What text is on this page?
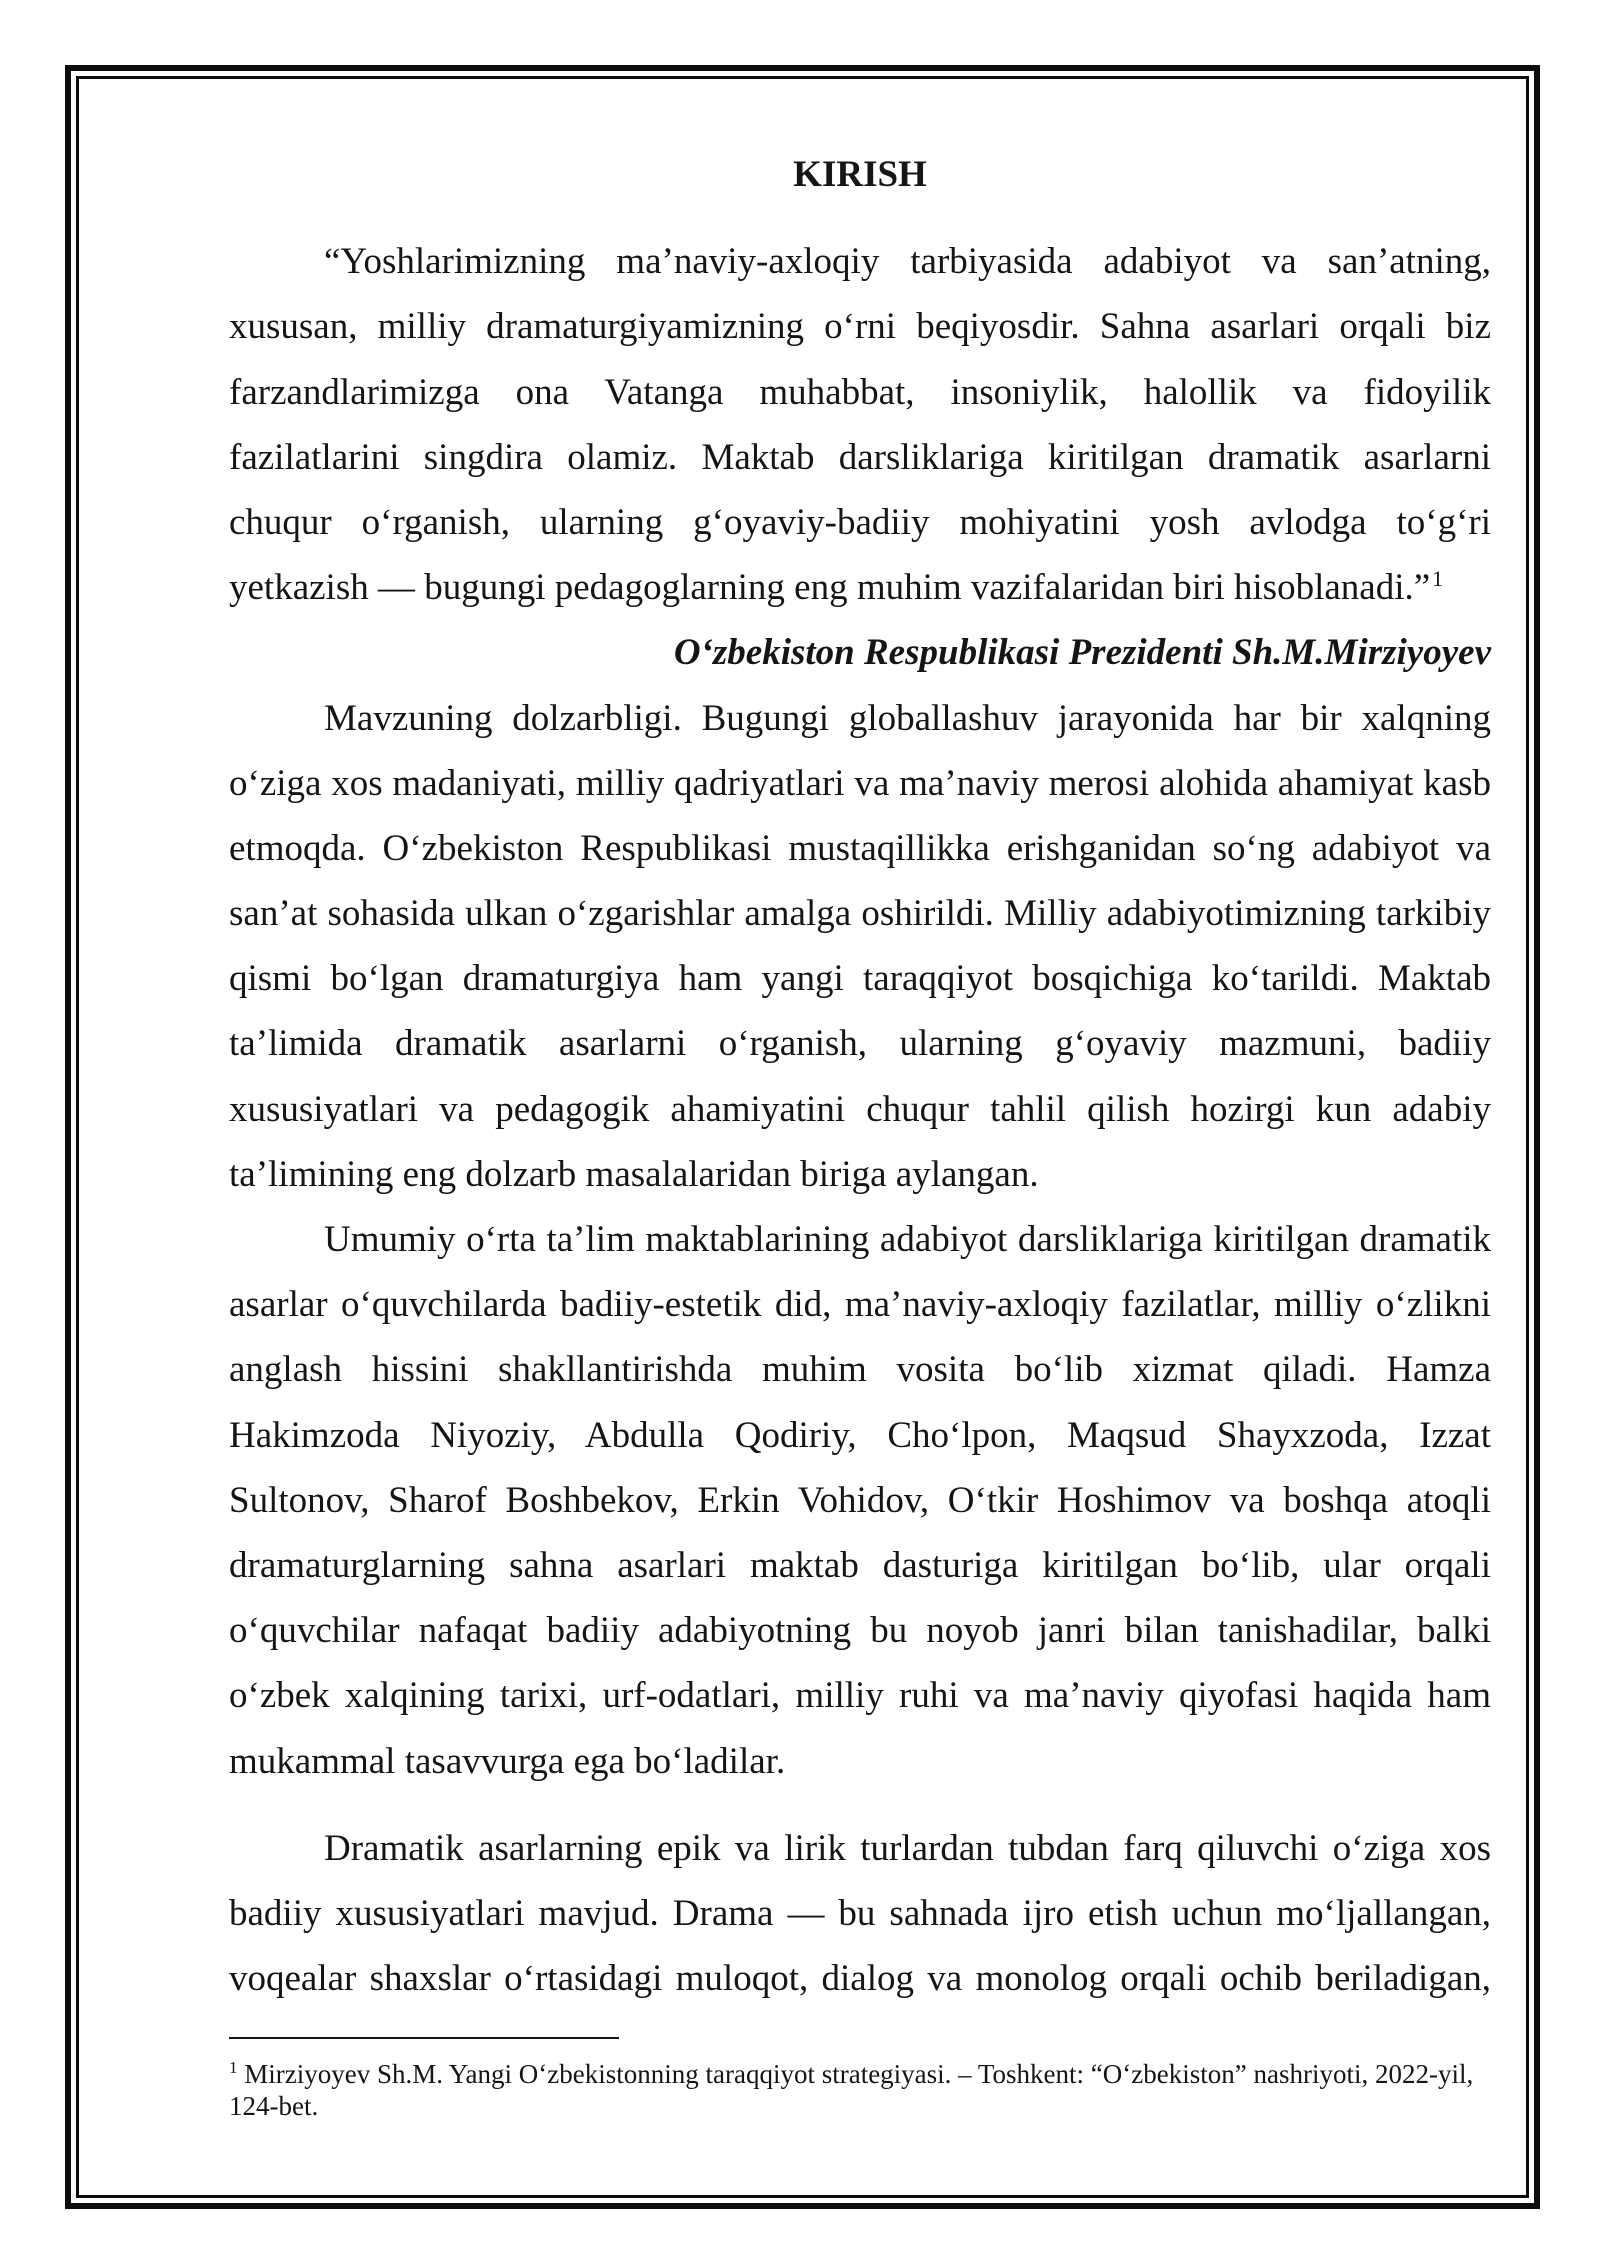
KIRISH
“Yoshlarimizning ma’naviy-axloqiy tarbiyasida adabiyot va san’atning,
xususan, milliy dramaturgiyamizning o‘rni beqiyosdir. Sahna asarlari orqali biz
farzandlarimizga ona Vatanga muhabbat, insoniylik, halollik va fidoyilik
fazilatlarini singdira olamiz. Maktab darsliklariga kiritilgan dramatik asarlarni
chuqur o‘rganish, ularning g‘oyaviy-badiiy mohiyatini yosh avlodga to‘g‘ri
yetkazish — bugungi pedagoglarning eng muhim vazifalaridan biri hisoblanadi.”$^1$
O‘zbekiston Respublikasi Prezidenti Sh.M.Mirziyoyev
Mavzuning dolzarbligi. Bugungi globallashuv jarayonida har bir xalqning
o‘ziga xos madaniyati, milliy qadriyatlari va ma’naviy merosi alohida ahamiyat kasb
etmoqda. O‘zbekiston Respublikasi mustaqillikka erishganidan so‘ng adabiyot va
san’at sohasida ulkan o‘zgarishlar amalga oshirildi. Milliy adabiyotimizning tarkibiy
qismi bo‘lgan dramaturgiya ham yangi taraqqiyot bosqichiga ko‘tarildi. Maktab
ta’limida dramatik asarlarni o‘rganish, ularning g‘oyaviy mazmuni, badiiy
xususiyatlari va pedagogik ahamiyatini chuqur tahlil qilish hozirgi kun adabiy
ta’limining eng dolzarb masalalaridan biriga aylangan.
Umumiy o‘rta ta’lim maktablarining adabiyot darsliklariga kiritilgan dramatik
asarlar o‘quvchilarda badiiy-estetik did, ma’naviy-axloqiy fazilatlar, milliy o‘zlikni
anglash hissini shakllantirishda muhim vosita bo‘lib xizmat qiladi. Hamza
Hakimzoda Niyoziy, Abdulla Qodiriy, Cho‘lpon, Maqsud Shayxzoda, Izzat
Sultonov, Sharof Boshbekov, Erkin Vohidov, O‘tkir Hoshimov va boshqa atoqli
dramaturglarning sahna asarlari maktab dasturiga kiritilgan bo‘lib, ular orqali
o‘quvchilar nafaqat badiiy adabiyotning bu noyob janri bilan tanishadilar, balki
o‘zbek xalqining tarixi, urf-odatlari, milliy ruhi va ma’naviy qiyofasi haqida ham
mukammal tasavvurga ega bo‘ladilar.
Dramatik asarlarning epik va lirik turlardan tubdan farq qiluvchi o‘ziga xos
badiiy xususiyatlari mavjud. Drama — bu sahnada ijro etish uchun mo‘ljallangan,
voqealar shaxslar o‘rtasidagi muloqot, dialog va monolog orqali ochib beriladigan,
$^1$ Mirziyoyev Sh.M. Yangi O‘zbekistonning taraqqiyot strategiyasi. – Toshkent: “O‘zbekiston” nashriyoti, 2022-yil,
124-bet.
